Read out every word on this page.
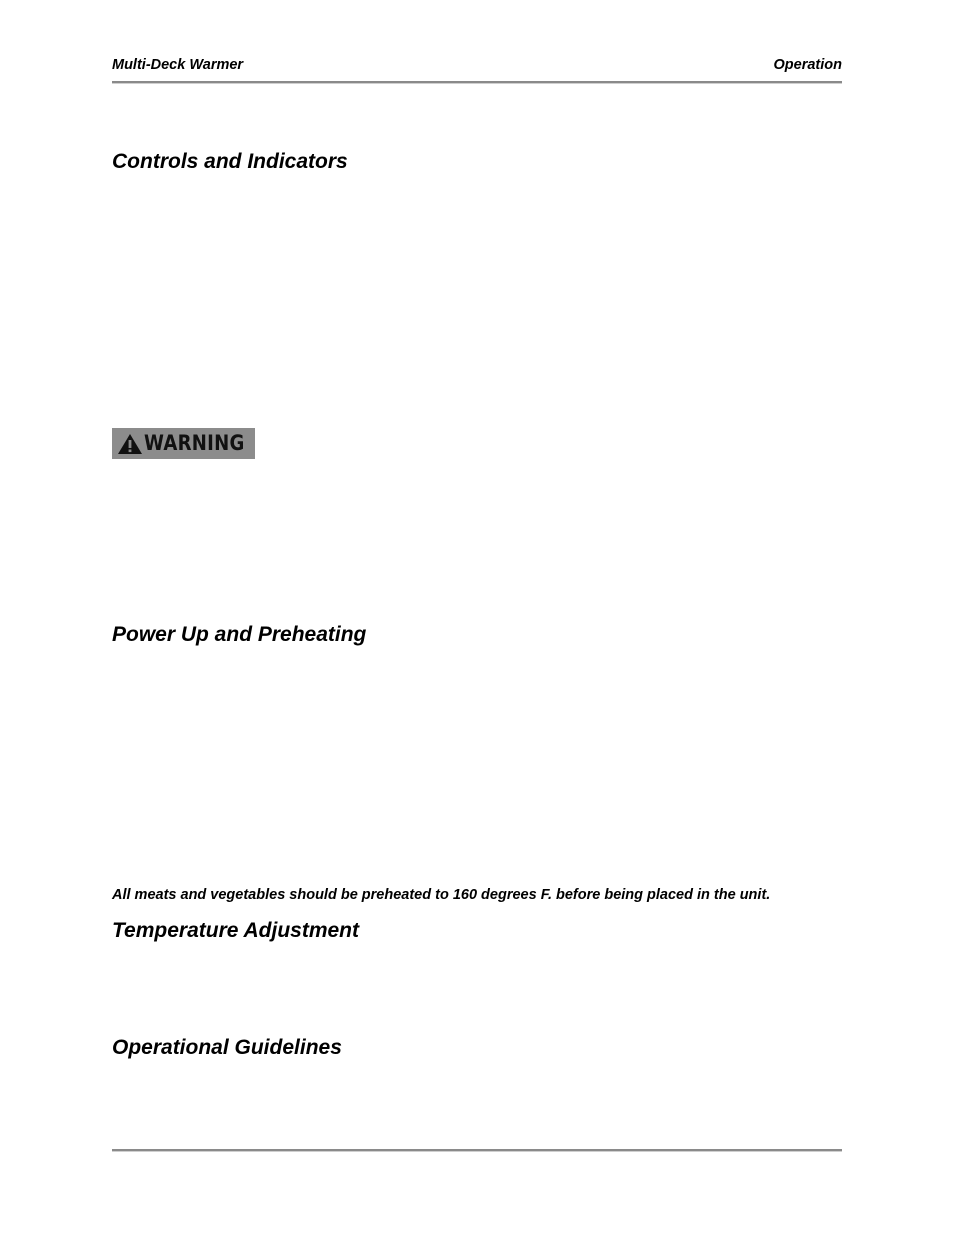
Multi-Deck Warmer	Operation
Controls and Indicators
WARNING
Power Up and Preheating
All meats and vegetables should be preheated to 160 degrees F. before being placed in the unit.
Temperature Adjustment
Operational Guidelines
